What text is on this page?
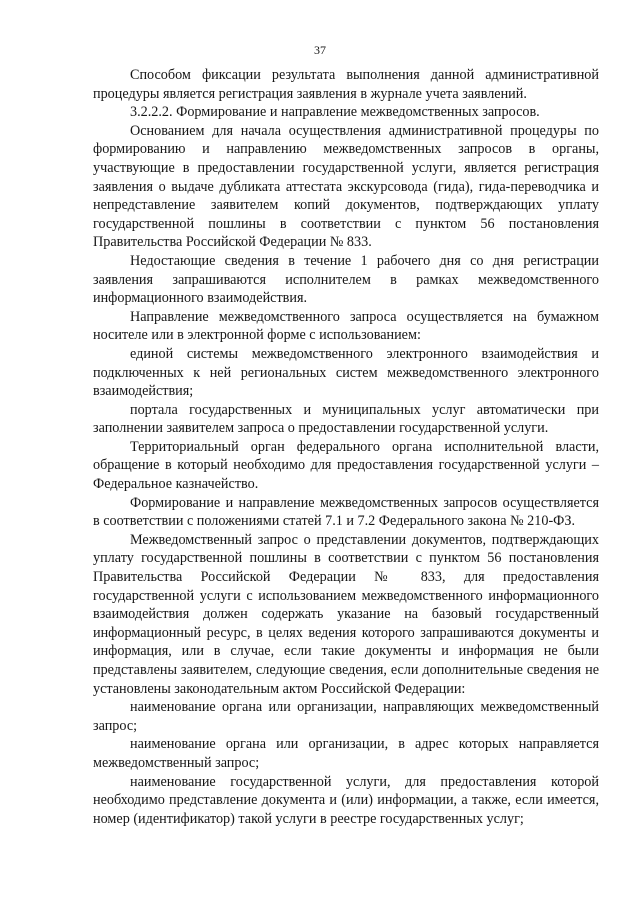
37

Способом фиксации результата выполнения данной административной процедуры является регистрация заявления в журнале учета заявлений.

3.2.2.2. Формирование и направление межведомственных запросов.

Основанием для начала осуществления административной процедуры по формированию и направлению межведомственных запросов в органы, участвующие в предоставлении государственной услуги, является регистрация заявления о выдаче дубликата аттестата экскурсовода (гида), гида-переводчика и непредставление заявителем копий документов, подтверждающих уплату государственной пошлины в соответствии с пунктом 56 постановления Правительства Российской Федерации № 833.

Недостающие сведения в течение 1 рабочего дня со дня регистрации заявления запрашиваются исполнителем в рамках межведомственного информационного взаимодействия.

Направление межведомственного запроса осуществляется на бумажном носителе или в электронной форме с использованием:

единой системы межведомственного электронного взаимодействия и подключенных к ней региональных систем межведомственного электронного взаимодействия;

портала государственных и муниципальных услуг автоматически при заполнении заявителем запроса о предоставлении государственной услуги.

Территориальный орган федерального органа исполнительной власти, обращение в который необходимо для предоставления государственной услуги – Федеральное казначейство.

Формирование и направление межведомственных запросов осуществляется в соответствии с положениями статей 7.1 и 7.2 Федерального закона № 210-ФЗ.

Межведомственный запрос о представлении документов, подтверждающих уплату государственной пошлины в соответствии с пунктом 56 постановления Правительства Российской Федерации № 833, для предоставления государственной услуги с использованием межведомственного информационного взаимодействия должен содержать указание на базовый государственный информационный ресурс, в целях ведения которого запрашиваются документы и информация, или в случае, если такие документы и информация не были представлены заявителем, следующие сведения, если дополнительные сведения не установлены законодательным актом Российской Федерации:

наименование органа или организации, направляющих межведомственный запрос;

наименование органа или организации, в адрес которых направляется межведомственный запрос;

наименование государственной услуги, для предоставления которой необходимо представление документа и (или) информации, а также, если имеется, номер (идентификатор) такой услуги в реестре государственных услуг;
